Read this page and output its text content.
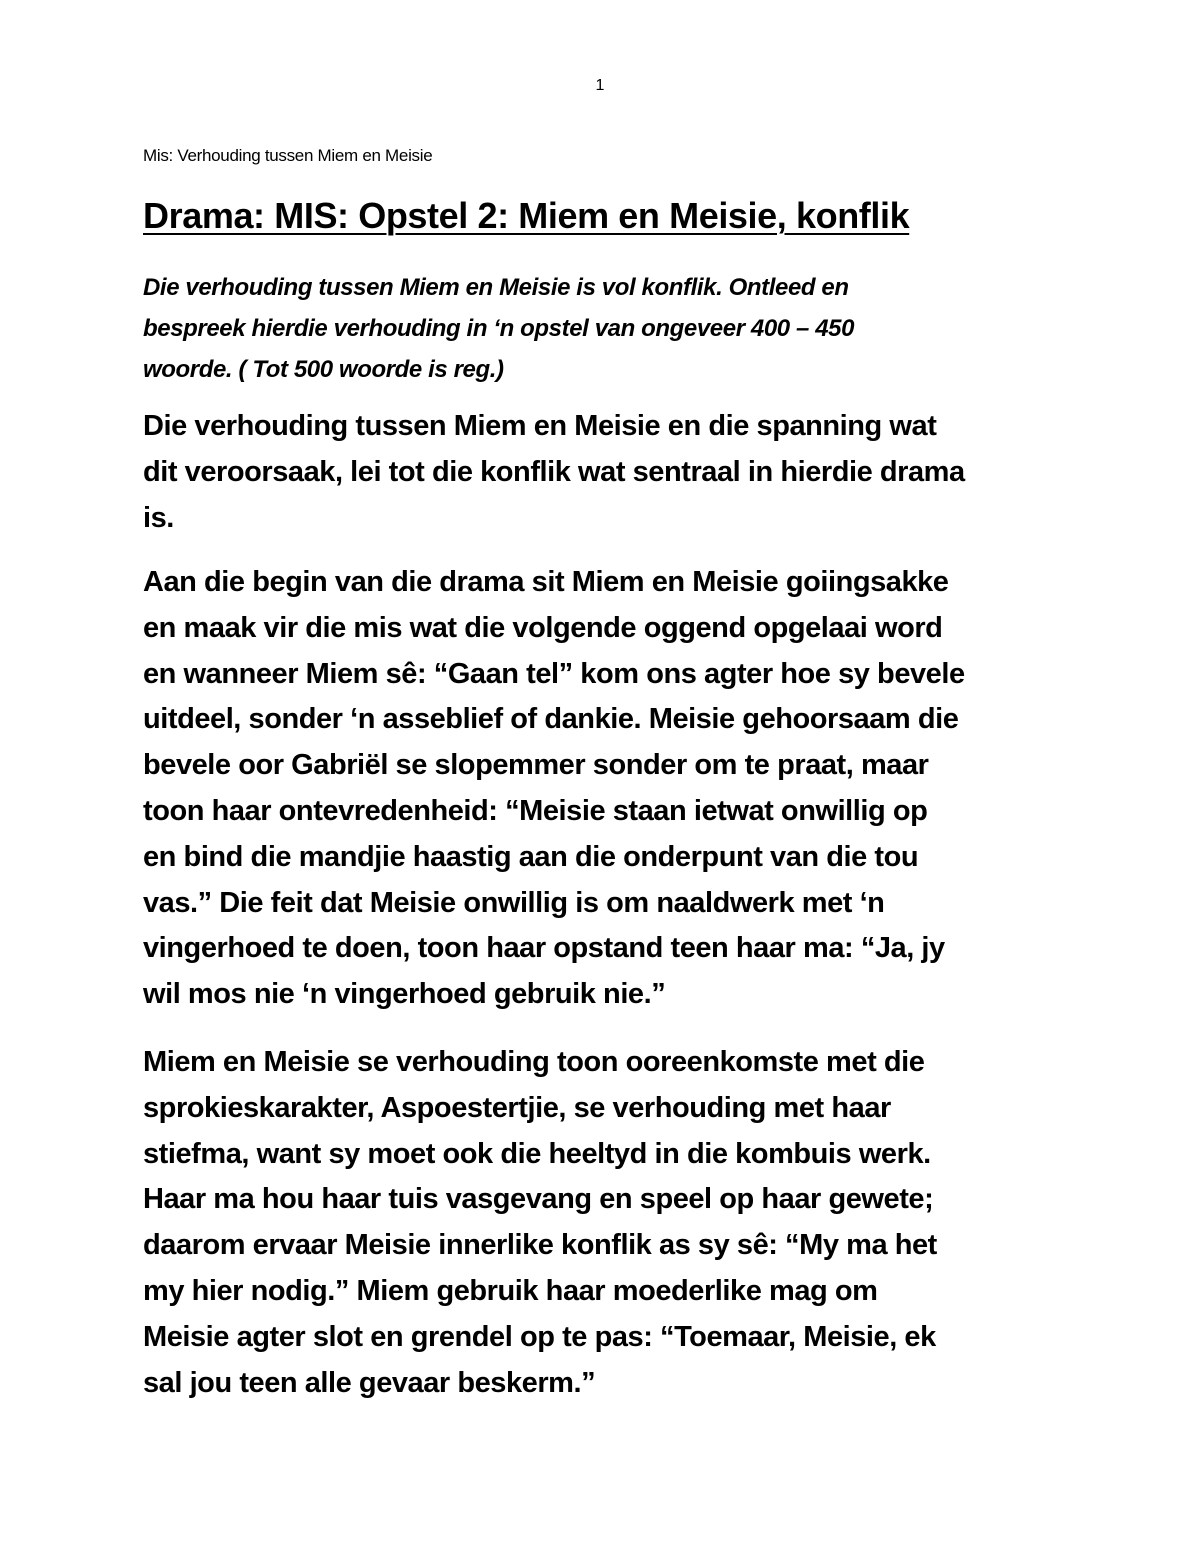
1
Mis: Verhouding tussen Miem en Meisie
Drama: MIS: Opstel 2: Miem en Meisie, konflik

Die verhouding tussen Miem en Meisie is vol konflik. Ontleed en
bespreek hierdie verhouding in ‘n opstel van ongeveer 400 – 450
woorde. ( Tot 500 woorde is reg.)

Die verhouding tussen Miem en Meisie en die spanning wat
dit veroorsaak, lei tot die konflik wat sentraal in hierdie drama
is.

Aan die begin van die drama sit Miem en Meisie goiingsakke
en maak vir die mis wat die volgende oggend opgelaai word
en wanneer Miem sê: “Gaan tel” kom ons agter hoe sy bevele
uitdeel, sonder ‘n asseblief of dankie. Meisie gehoorsaam die
bevele oor Gabriël se slopemmer sonder om te praat, maar
toon haar ontevredenheid: “Meisie staan ietwat onwillig op
en bind die mandjie haastig aan die onderpunt van die tou
vas.” Die feit dat Meisie onwillig is om naaldwerk met ‘n
vingerhoed te doen, toon haar opstand teen haar ma: “Ja, jy
wil mos nie ‘n vingerhoed gebruik nie.”

Miem en Meisie se verhouding toon ooreenkomste met die
sprokieskarakter, Aspoestertjie, se verhouding met haar
stiefma, want sy moet ook die heeltyd in die kombuis werk.
Haar ma hou haar tuis vasgevang en speel op haar gewete;
daarom ervaar Meisie innerlike konflik as sy sê: “My ma het
my hier nodig.” Miem gebruik haar moederlike mag om
Meisie agter slot en grendel op te pas: “Toemaar, Meisie, ek
sal jou teen alle gevaar beskerm.”
